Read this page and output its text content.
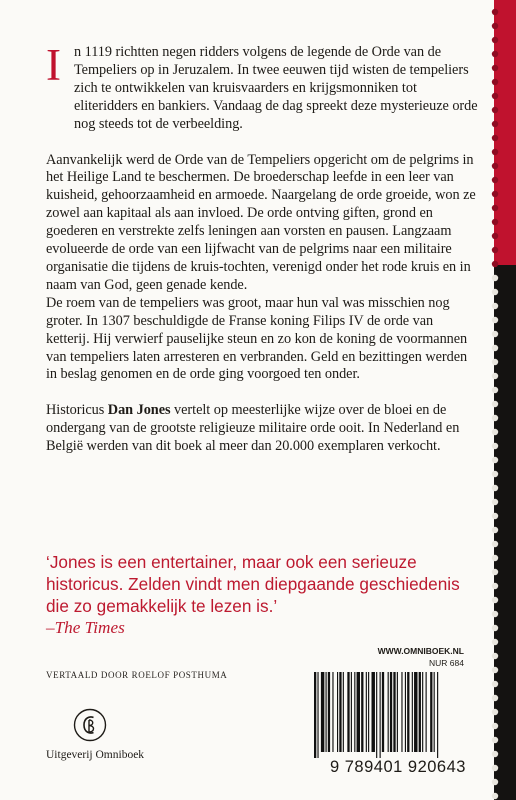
I n 1119 richtten negen ridders volgens de legende de Orde van de Tempeliers op in Jeruzalem. In twee eeuwen tijd wisten de tempeliers zich te ontwikkelen van kruisvaarders en krijgsmonniken tot eliteridders en bankiers. Vandaag de dag spreekt deze mysterieuze orde nog steeds tot de verbeelding.

Aanvankelijk werd de Orde van de Tempeliers opgericht om de pelgrims in het Heilige Land te beschermen. De broederschap leefde in een leer van kuisheid, gehoorzaamheid en armoede. Naargelang de orde groeide, won ze zowel aan kapitaal als aan invloed. De orde ontving giften, grond en goederen en verstrekte zelfs leningen aan vorsten en pausen. Langzaam evolueerde de orde van een lijfwacht van de pelgrims naar een militaire organisatie die tijdens de kruis-tochten, verenigd onder het rode kruis en in naam van God, geen genade kende.

De roem van de tempeliers was groot, maar hun val was misschien nog groter. In 1307 beschuldigde de Franse koning Filips IV de orde van ketterij. Hij verwierf pauselijke steun en zo kon de koning de voormannen van tempeliers laten arresteren en verbranden. Geld en bezittingen werden in beslag genomen en de orde ging voorgoed ten onder.

Historicus Dan Jones vertelt op meesterlijke wijze over de bloei en de ondergang van de grootste religieuze militaire orde ooit. In Nederland en België werden van dit boek al meer dan 20.000 exemplaren verkocht.

‘Jones is een entertainer, maar ook een serieuze historicus. Zelden vindt men diepgaande geschiedenis die zo gemakkelijk te lezen is.’

–The Times

VERTAALD DOOR ROELOF POSTHUMA
Uitgeverij Omniboek
WWW.OMNIBOEK.NL
NUR 684
9 789401 920643
